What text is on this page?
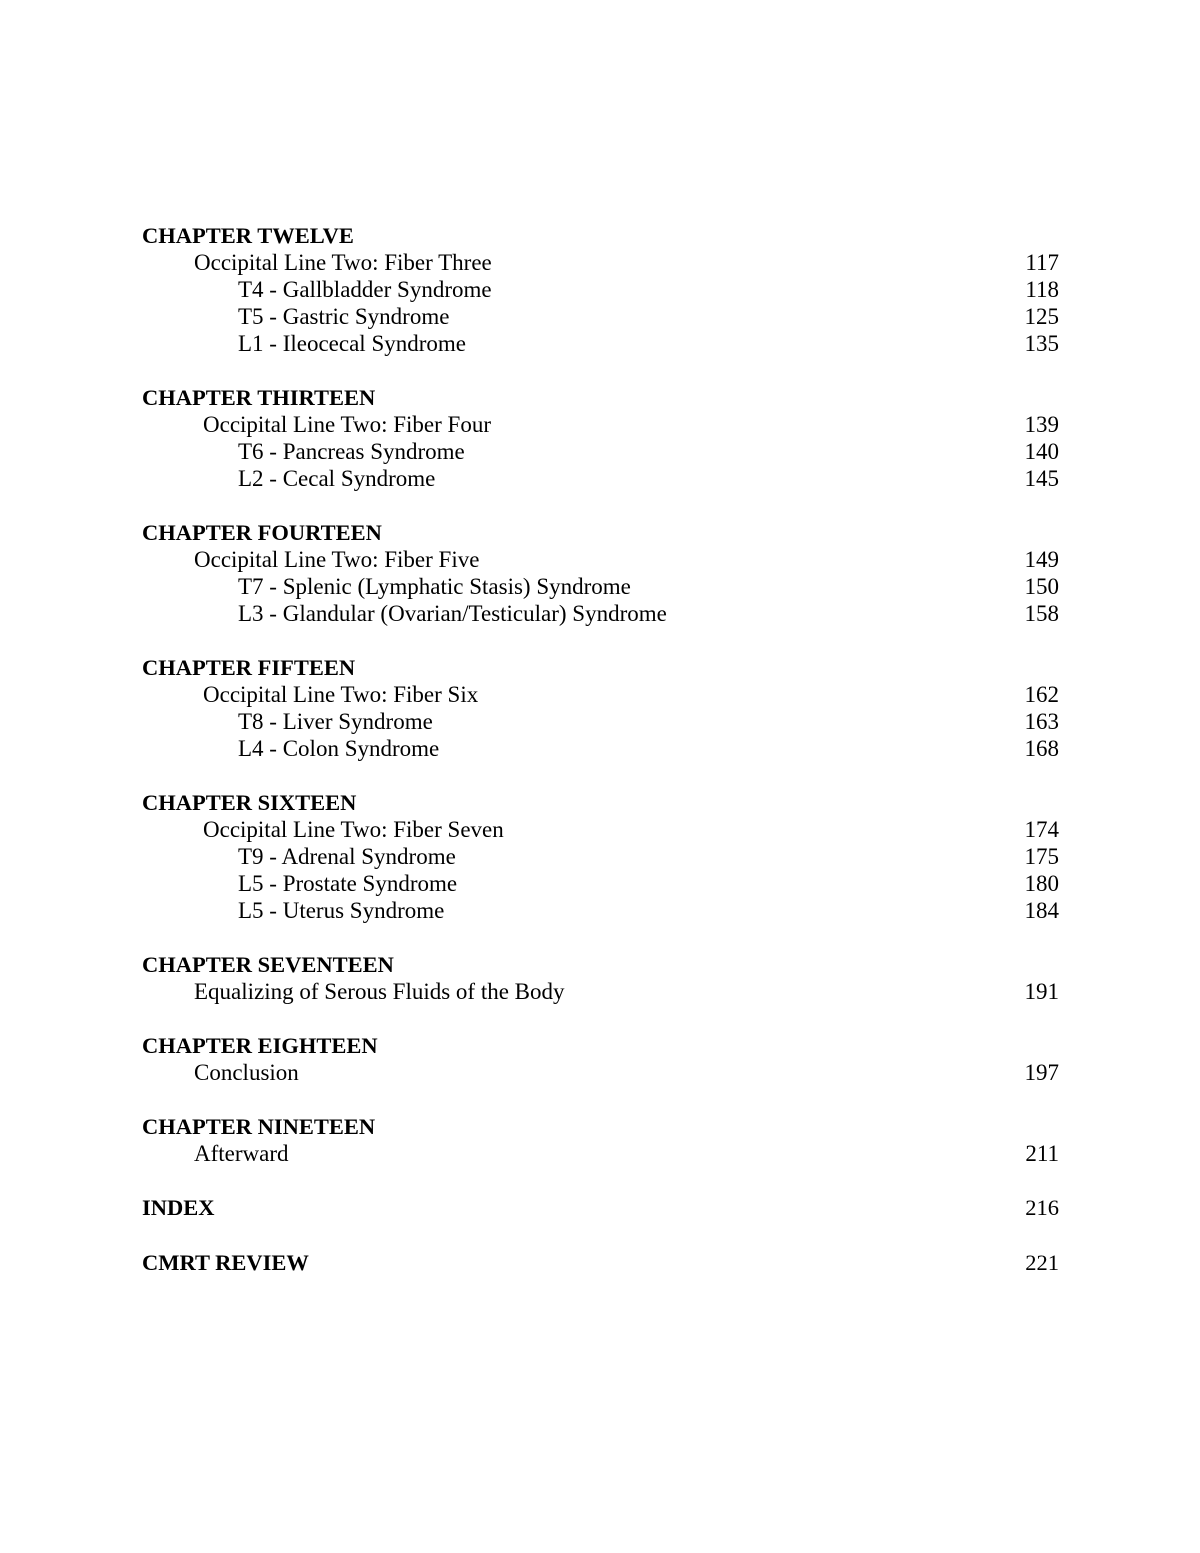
CHAPTER TWELVE
Occipital Line Two: Fiber Three	117
T4 - Gallbladder Syndrome	118
T5 - Gastric Syndrome	125
L1 - Ileocecal Syndrome	135
CHAPTER THIRTEEN
Occipital Line Two: Fiber Four	139
T6 - Pancreas Syndrome	140
L2 - Cecal Syndrome	145
CHAPTER FOURTEEN
Occipital Line Two: Fiber Five	149
T7 - Splenic (Lymphatic Stasis) Syndrome	150
L3 - Glandular (Ovarian/Testicular) Syndrome	158
CHAPTER FIFTEEN
Occipital Line Two: Fiber Six	162
T8 - Liver Syndrome	163
L4 - Colon Syndrome	168
CHAPTER SIXTEEN
Occipital Line Two: Fiber Seven	174
T9 - Adrenal Syndrome	175
L5 - Prostate Syndrome	180
L5 - Uterus Syndrome	184
CHAPTER SEVENTEEN
Equalizing of Serous Fluids of the Body	191
CHAPTER EIGHTEEN
Conclusion	197
CHAPTER NINETEEN
Afterward	211
INDEX	216
CMRT REVIEW	221
